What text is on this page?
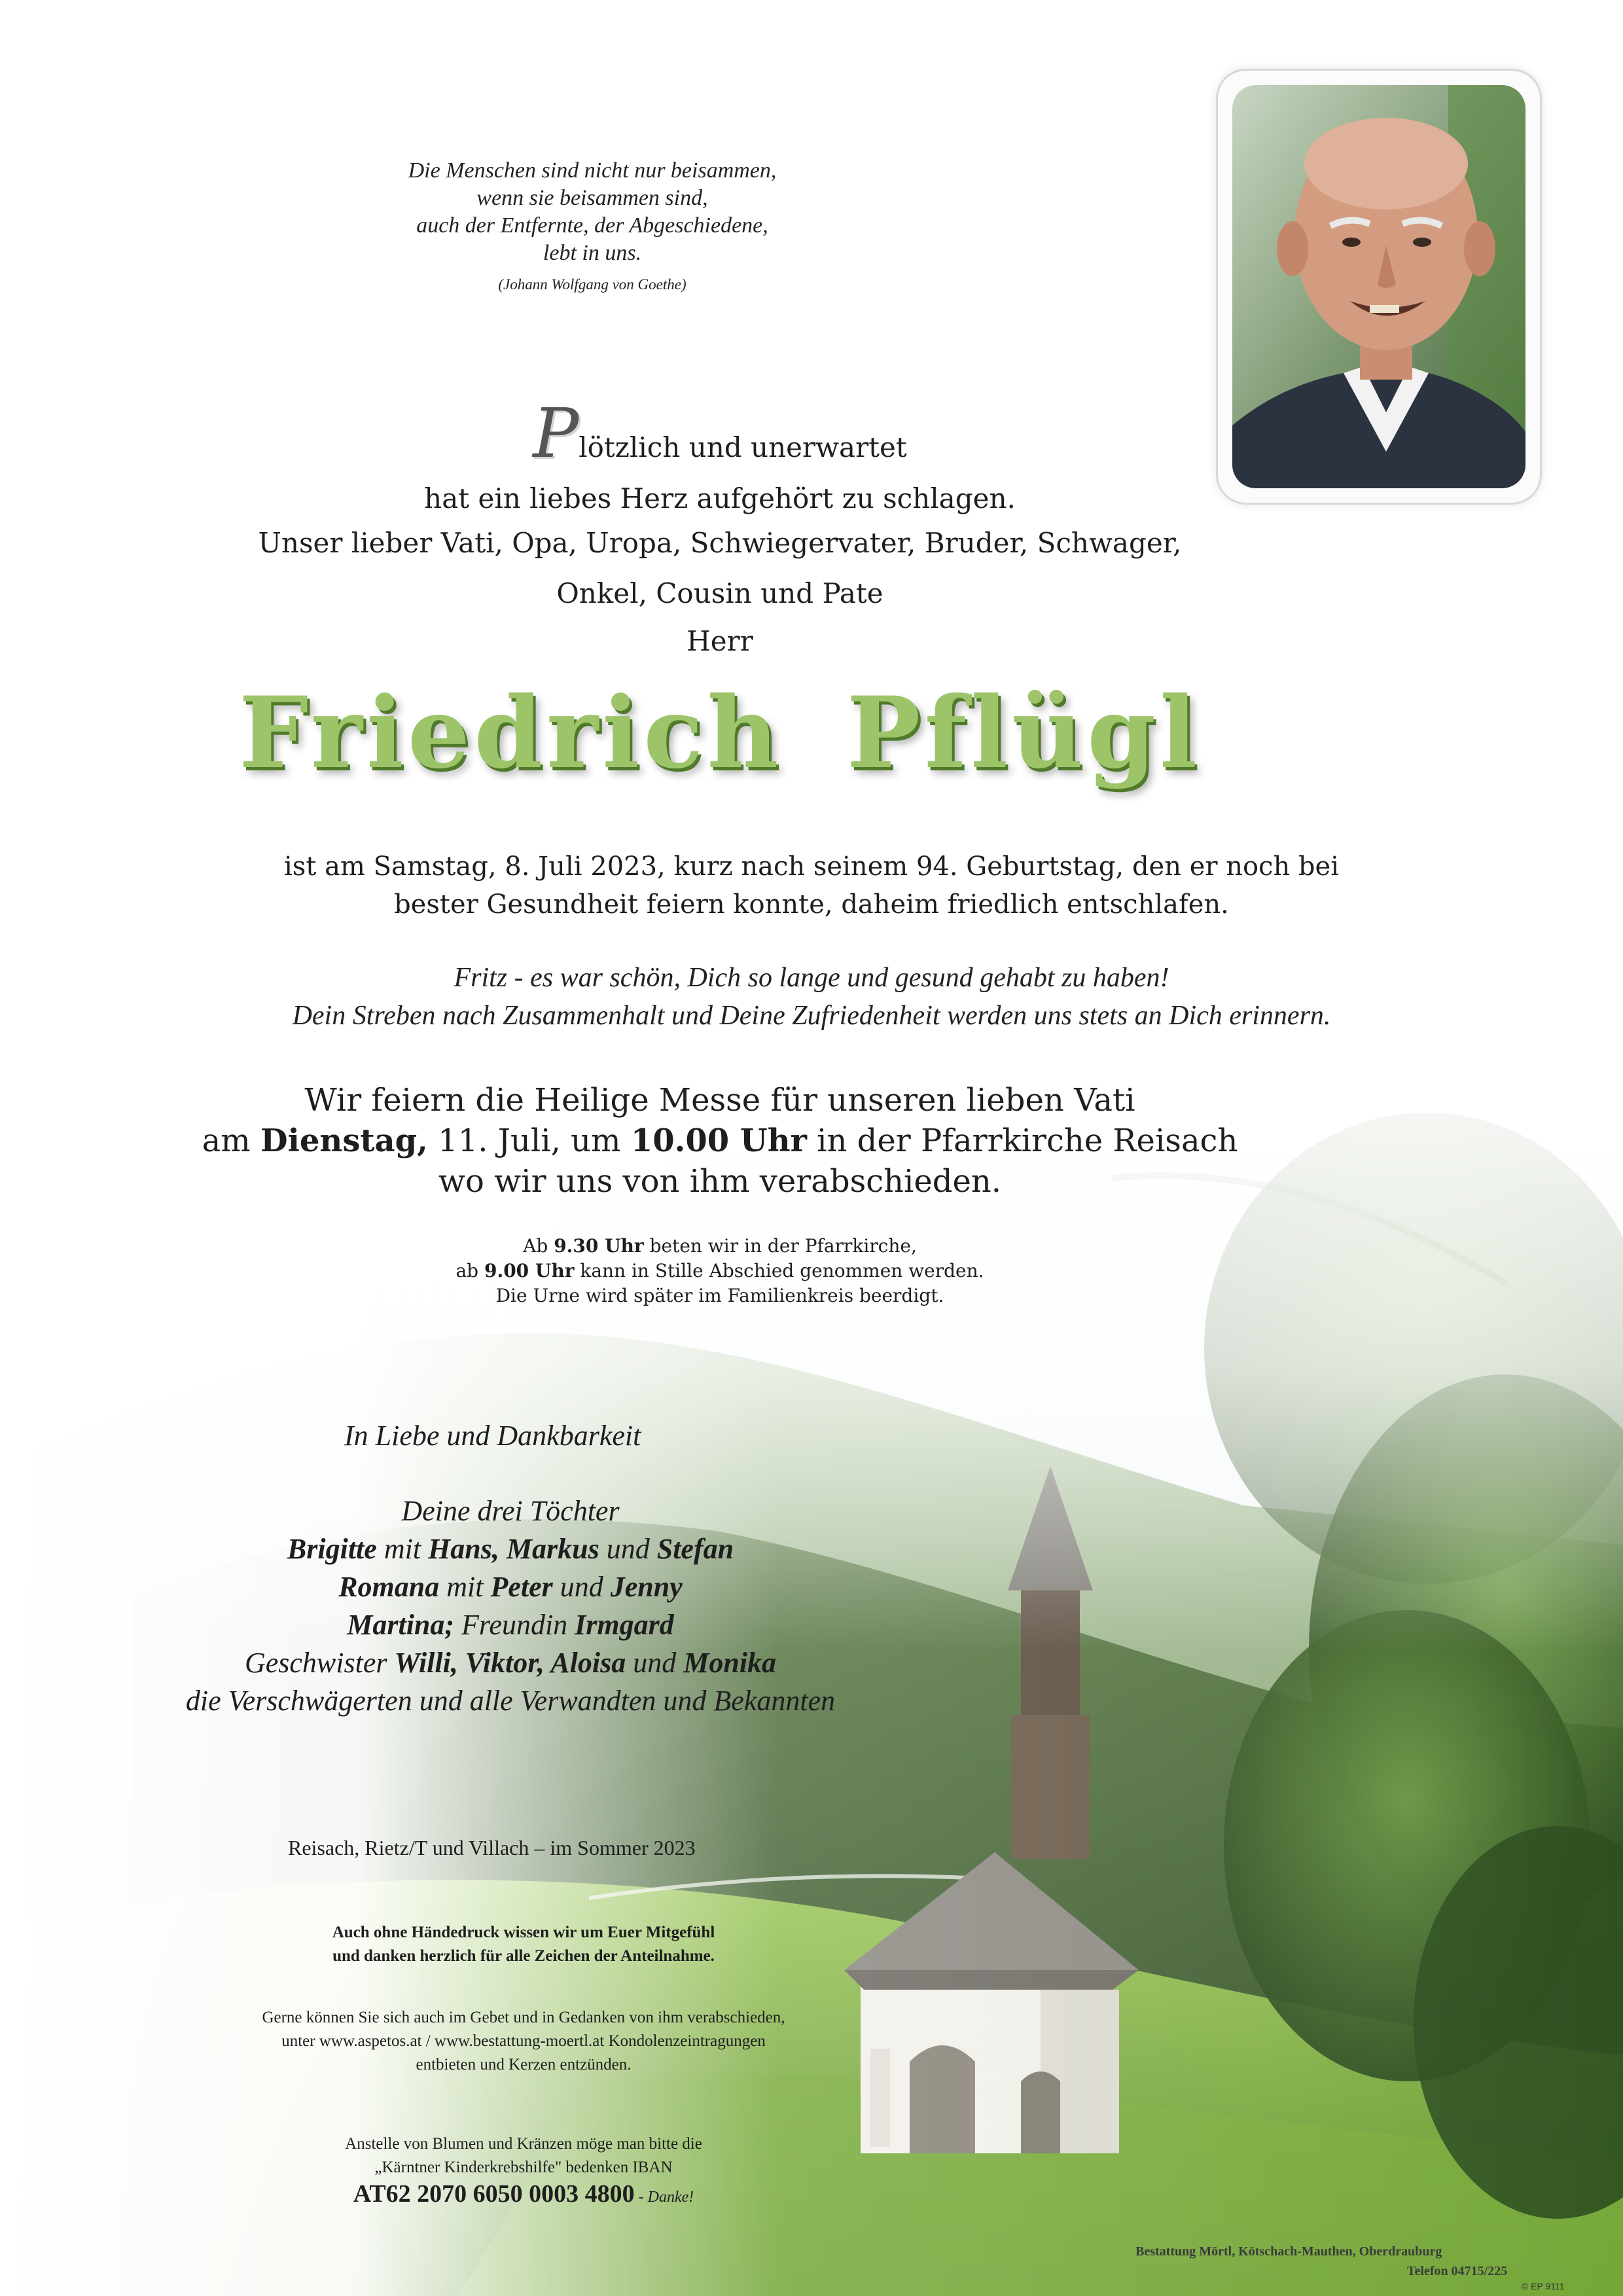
Die Menschen sind nicht nur beisammen,
wenn sie beisammen sind,
auch der Entfernte, der Abgeschiedene,
lebt in uns.
(Johann Wolfgang von Goethe)
Plötzlich und unerwartet
hat ein liebes Herz aufgehört zu schlagen.
Unser lieber Vati, Opa, Uropa, Schwiegervater, Bruder, Schwager,
Onkel, Cousin und Pate
Herr
Friedrich Pflügl
ist am Samstag, 8. Juli 2023, kurz nach seinem 94. Geburtstag, den er noch bei
bester Gesundheit feiern konnte, daheim friedlich entschlafen.
Fritz - es war schön, Dich so lange und gesund gehabt zu haben!
Dein Streben nach Zusammenhalt und Deine Zufriedenheit werden uns stets an Dich erinnern.
Wir feiern die Heilige Messe für unseren lieben Vati
am Dienstag, 11. Juli, um 10.00 Uhr in der Pfarrkirche Reisach
wo wir uns von ihm verabschieden.
Ab 9.30 Uhr beten wir in der Pfarrkirche,
ab 9.00 Uhr kann in Stille Abschied genommen werden.
Die Urne wird später im Familienkreis beerdigt.
In Liebe und Dankbarkeit
Deine drei Töchter
Brigitte mit Hans, Markus und Stefan
Romana mit Peter und Jenny
Martina; Freundin Irmgard
Geschwister Willi, Viktor, Aloisa und Monika
die Verschwägerten und alle Verwandten und Bekannten
Reisach, Rietz/T und Villach – im Sommer 2023
Auch ohne Händedruck wissen wir um Euer Mitgefühl
und danken herzlich für alle Zeichen der Anteilnahme.
Gerne können Sie sich auch im Gebet und in Gedanken von ihm verabschieden,
unter www.aspetos.at / www.bestattung-moertl.at Kondolenzeintragungen
entbieten und Kerzen entzünden.
Anstelle von Blumen und Kränzen möge man bitte die
„Kärntner Kinderkrebshilfe" bedenken IBAN
AT62 2070 6050 0003 4800 - Danke!
Bestattung Mörtl, Kötschach-Mauthen, Oberdrauburg
Telefon 04715/225
© EP 9111
